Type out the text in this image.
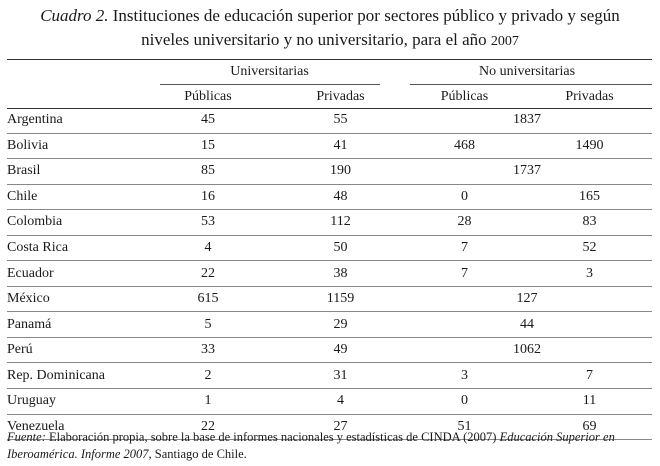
Cuadro 2. Instituciones de educación superior por sectores público y privado y según
niveles universitario y no universitario, para el año 2007
Universitarias	No universitarias
Públicas	Privadas	Públicas	Privadas
Argentina	45	55	1837	
Bolivia	15	41	468	1490
Brasil	85	190	1737	
Chile	16	48	0	165
Colombia	53	112	28	83
Costa Rica	4	50	7	52
Ecuador	22	38	7	3
México	615	1159	127	
Panamá	5	29	44	
Perú	33	49	1062	
Rep. Dominicana	2	31	3	7
Uruguay	1	4	0	11
Venezuela	22	27	51	69
Fuente: Elaboración propia, sobre la base de informes nacionales y estadísticas de CINDA (2007) Educación Superior en
Iberoamérica. Informe 2007, Santiago de Chile.
